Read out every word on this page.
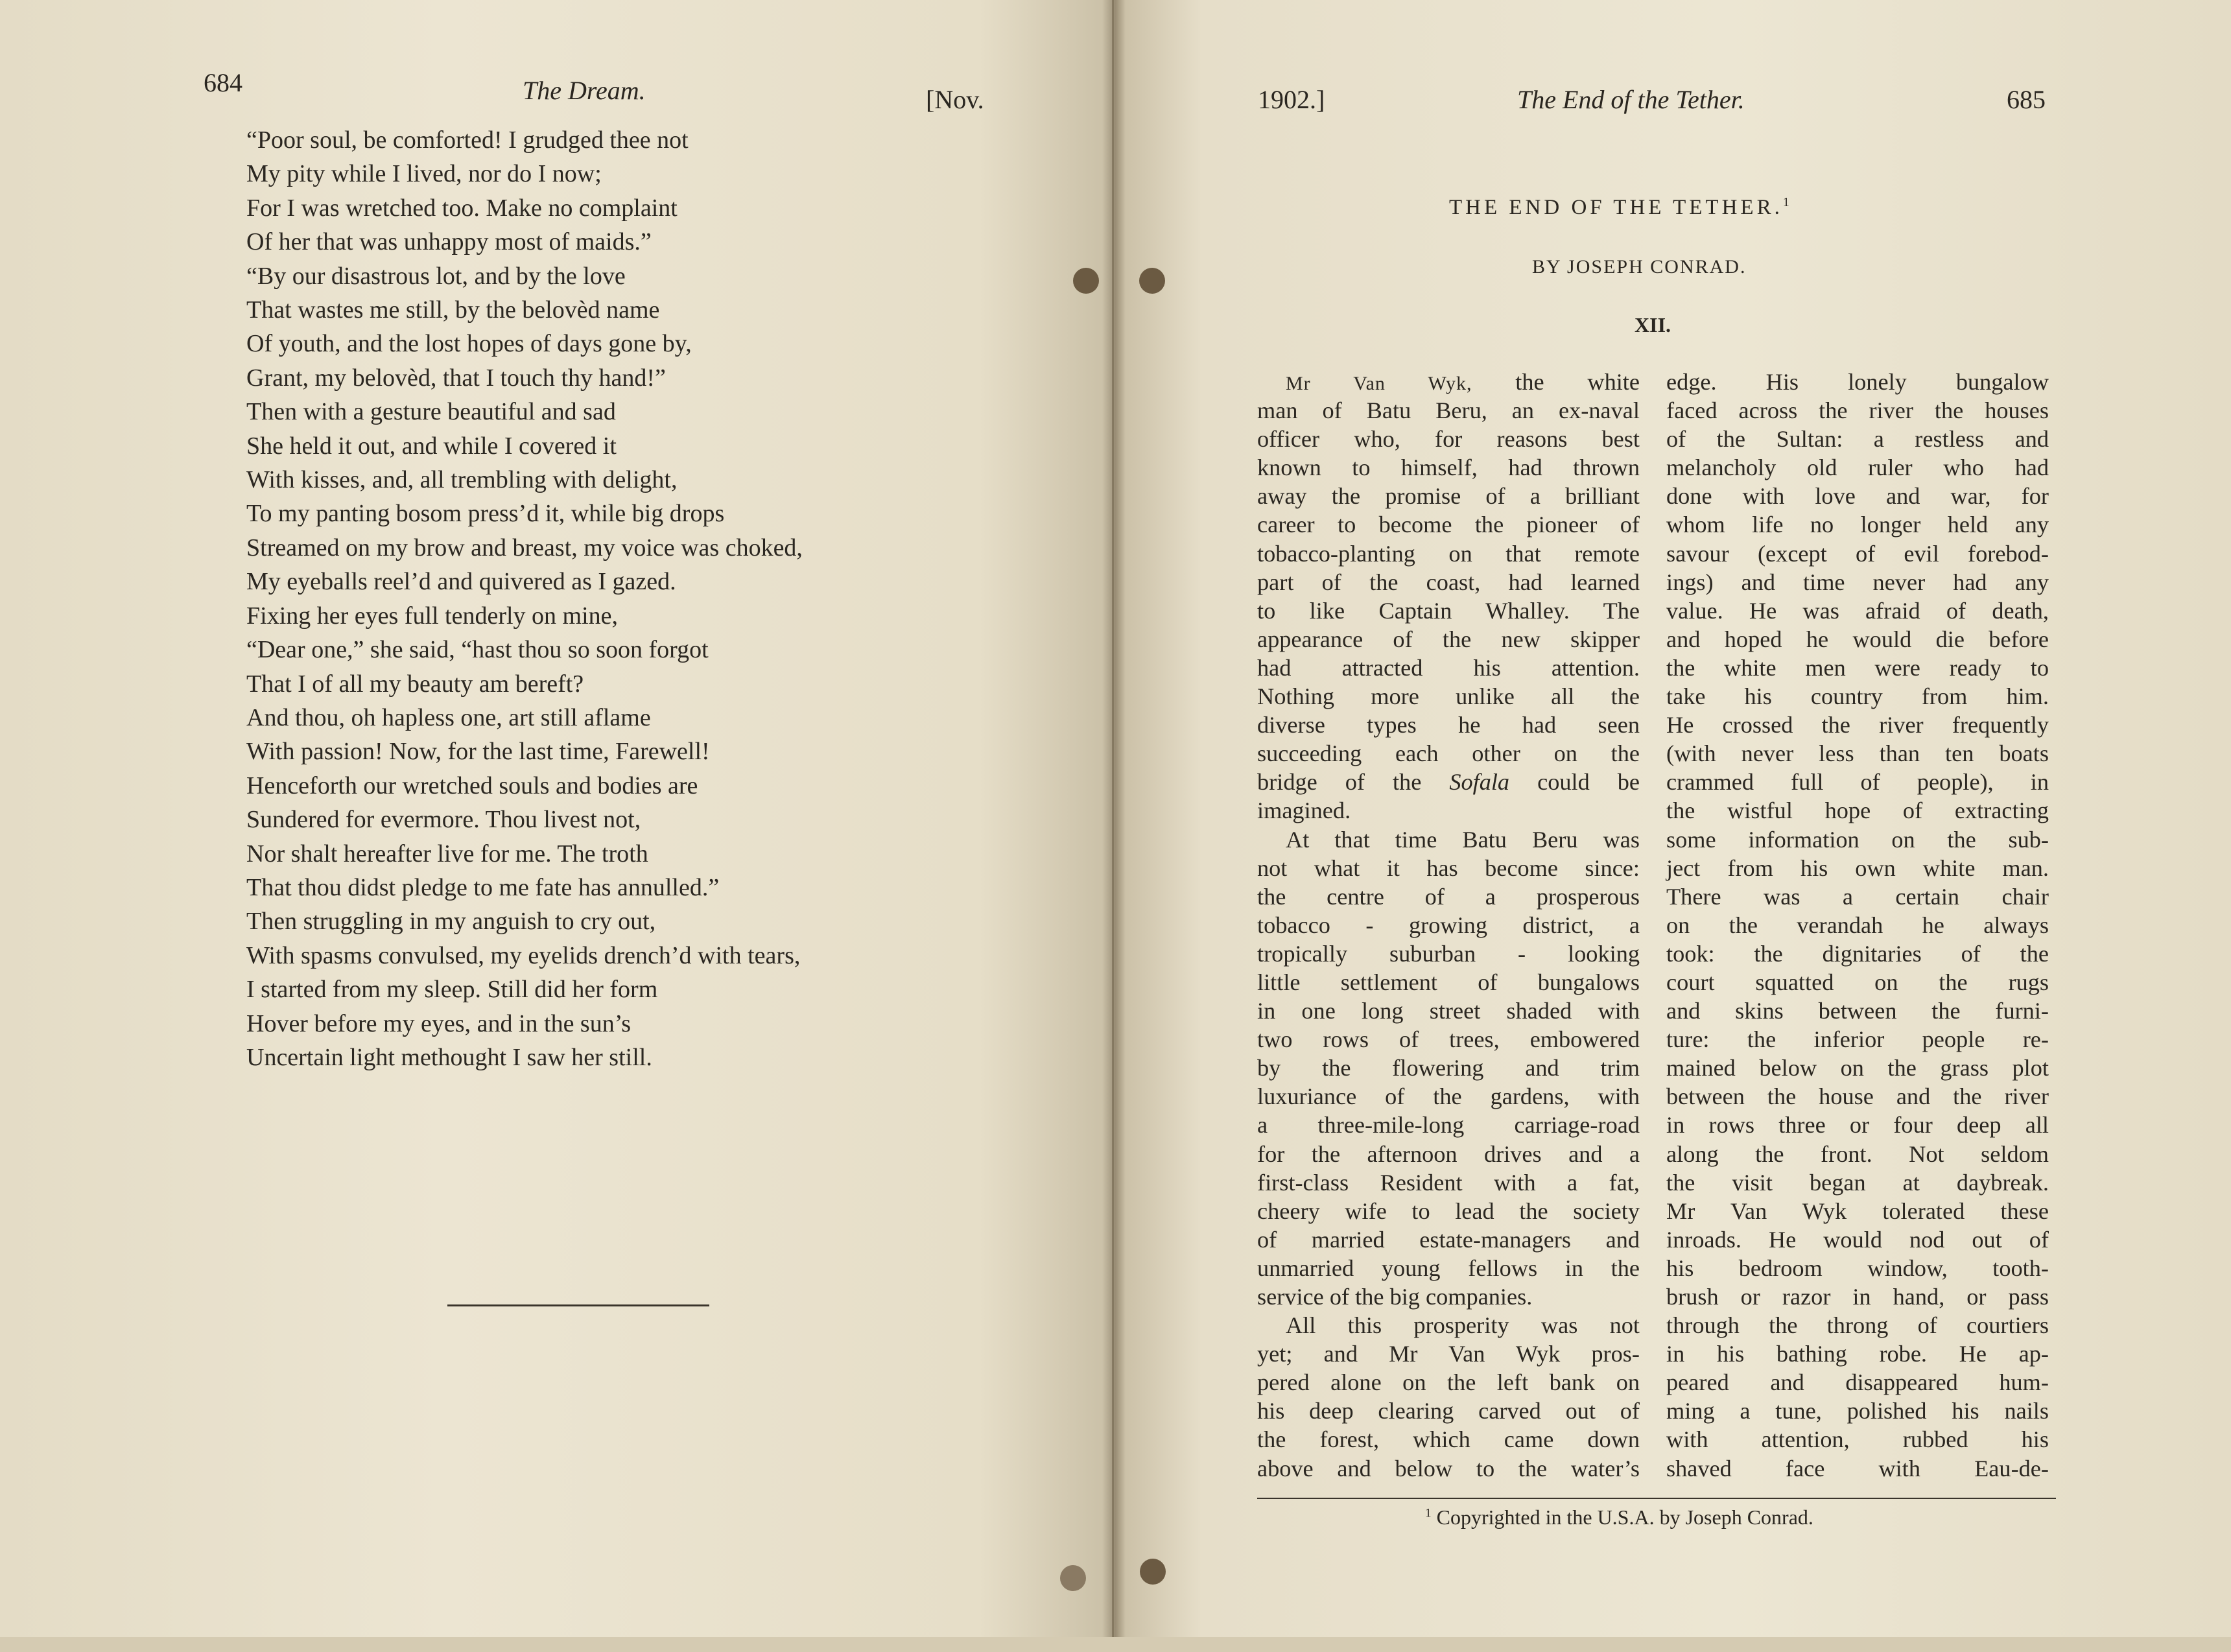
684	The Dream.	[Nov.
“Poor soul, be comforted! I grudged thee not
My pity while I lived, nor do I now;
For I was wretched too. Make no complaint
Of her that was unhappy most of maids.”
“By our disastrous lot, and by the love
That wastes me still, by the belovèd name
Of youth, and the lost hopes of days gone by,
Grant, my belovèd, that I touch thy hand!”
Then with a gesture beautiful and sad
She held it out, and while I covered it
With kisses, and, all trembling with delight,
To my panting bosom press’d it, while big drops
Streamed on my brow and breast, my voice was choked,
My eyeballs reel’d and quivered as I gazed.
Fixing her eyes full tenderly on mine,
“Dear one,” she said, “hast thou so soon forgot
That I of all my beauty am bereft?
And thou, oh hapless one, art still aflame
With passion! Now, for the last time, Farewell!
Henceforth our wretched souls and bodies are
Sundered for evermore. Thou livest not,
Nor shalt hereafter live for me. The troth
That thou didst pledge to me fate has annulled.”
Then struggling in my anguish to cry out,
With spasms convulsed, my eyelids drench’d with tears,
I started from my sleep. Still did her form
Hover before my eyes, and in the sun’s
Uncertain light methought I saw her still.
1902.]	The End of the Tether.	685
THE END OF THE TETHER.$^1$
BY JOSEPH CONRAD.
XII.
Mr Van Wyk, the white
man of Batu Beru, an ex-naval
officer who, for reasons best
known to himself, had thrown
away the promise of a brilliant
career to become the pioneer of
tobacco-planting on that remote
part of the coast, had learned
to like Captain Whalley. The
appearance of the new skipper
had attracted his attention.
Nothing more unlike all the
diverse types he had seen
succeeding each other on the
bridge of the Sofala could be
imagined.
At that time Batu Beru was
not what it has become since:
the centre of a prosperous
tobacco - growing district, a
tropically suburban - looking
little settlement of bungalows
in one long street shaded with
two rows of trees, embowered
by the flowering and trim
luxuriance of the gardens, with
a three-mile-long carriage-road
for the afternoon drives and a
first-class Resident with a fat,
cheery wife to lead the society
of married estate-managers and
unmarried young fellows in the
service of the big companies.
All this prosperity was not
yet; and Mr Van Wyk pros-
pered alone on the left bank on
his deep clearing carved out of
the forest, which came down
above and below to the water’s
edge. His lonely bungalow
faced across the river the houses
of the Sultan: a restless and
melancholy old ruler who had
done with love and war, for
whom life no longer held any
savour (except of evil forebod-
ings) and time never had any
value. He was afraid of death,
and hoped he would die before
the white men were ready to
take his country from him.
He crossed the river frequently
(with never less than ten boats
crammed full of people), in
the wistful hope of extracting
some information on the sub-
ject from his own white man.
There was a certain chair
on the verandah he always
took: the dignitaries of the
court squatted on the rugs
and skins between the furni-
ture: the inferior people re-
mained below on the grass plot
between the house and the river
in rows three or four deep all
along the front. Not seldom
the visit began at daybreak.
Mr Van Wyk tolerated these
inroads. He would nod out of
his bedroom window, tooth-
brush or razor in hand, or pass
through the throng of courtiers
in his bathing robe. He ap-
peared and disappeared hum-
ming a tune, polished his nails
with attention, rubbed his
shaved face with Eau-de-
$^1$ Copyrighted in the U.S.A. by Joseph Conrad.
